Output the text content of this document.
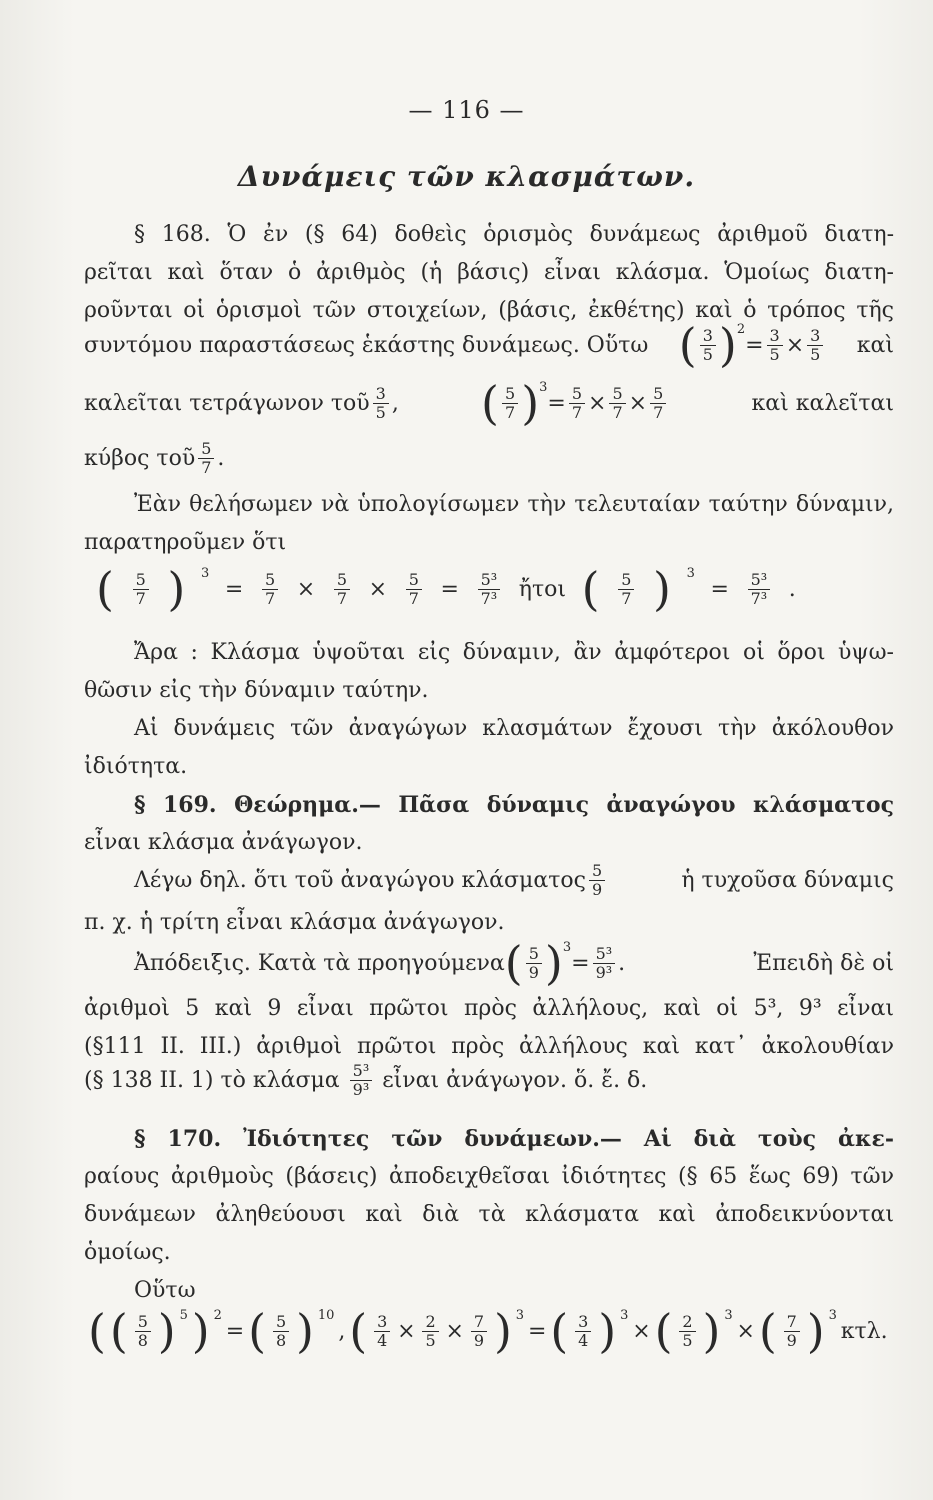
— 116 —
Δυνάμεις τῶν κλασμάτων.
§ 168. Ὁ ἐν (§ 64) δοθεὶς ὁρισμὸς δυνάμεως ἀριθμοῦ διατη-
ρεῖται καὶ ὅταν ὁ ἀριθμὸς (ἡ βάσις) εἶναι κλάσμα. Ὁμοίως διατη-
ροῦνται οἱ ὁρισμοὶ τῶν στοιχείων, (βάσις, ἐκθέτης) καὶ ὁ τρόπος τῆς
συντόμου παραστάσεως ἑκάστης δυνάμεως. Οὕτω ( $\frac{3}{5}$ ) 2
= $\frac{3}{5} \times \frac{3}{5}$ καὶ
καλεῖται τετράγωνον τοῦ $\frac{3}{5}$ , ( $\frac{5}{7}$ ) 3
= $\frac{5}{7} \times \frac{5}{7} \times \frac{5}{7}$	καὶ καλεῖται
κύβος τοῦ $\frac{5}{7}$ .
Ἐὰν θελήσωμεν νὰ ὑπολογίσωμεν τὴν τελευταίαν ταύτην δύναμιν,
παρατηροῦμεν ὅτι
( $\frac{5}{7}$ ) 3
= $\frac{5}{7} \times \frac{5}{7} \times \frac{5}{7} = \frac{\text{5³}}{\text{7³}}$ ἤτοι ( $\frac{5}{7}$ ) 3
= $\frac{\text{5³}}{\text{7³}}$ .
Ἄρα : Κλάσμα ὑψοῦται εἰς δύναμιν, ἂν ἀμφότεροι οἱ ὅροι ὑψω-
θῶσιν εἰς τὴν δύναμιν ταύτην.
Αἱ δυνάμεις τῶν ἀναγώγων κλασμάτων ἔχουσι τὴν ἀκόλουθον
ἰδιότητα.
§ 169. Θεώρημα.— Πᾶσα δύναμις ἀναγώγου κλάσματος
εἶναι κλάσμα ἀνάγωγον.
Λέγω δηλ. ὅτι τοῦ ἀναγώγου κλάσματος $\frac{5}{9}$	ἡ τυχοῦσα δύναμις
π. χ. ἡ τρίτη εἶναι κλάσμα ἀνάγωγον.
Ἀπόδειξις. Κατὰ τὰ προηγούμενα ( $\frac{5}{9}$ ) 3
= $\frac{\text{5³}}{\text{9³}}$ .	Ἐπειδὴ δὲ οἱ
ἀριθμοὶ 5 καὶ 9 εἶναι πρῶτοι πρὸς ἀλλήλους, καὶ οἱ 5³, 9³ εἶναι
(§111 ΙΙ. ΙΙΙ.) ἀριθμοὶ πρῶτοι πρὸς ἀλλήλους καὶ κατ᾿ ἀκολουθίαν
(§ 138 ΙΙ. 1) τὸ κλάσμα $\frac{\text{5³}}{\text{9³}}$ εἶναι ἀνάγωγον. ὅ. ἔ. δ.
§ 170. Ἰδιότητες τῶν δυνάμεων.— Αἱ διὰ τοὺς ἀκε-
ραίους ἀριθμοὺς (βάσεις) ἀποδειχθεῖσαι ἰδιότητες (§ 65 ἕως 69) τῶν
δυνάμεων ἀληθεύουσι καὶ διὰ τὰ κλάσματα καὶ ἀποδεικνύονται
ὁμοίως.
Οὕτω
( ( $\frac{5}{8}$ ) 5 ) 2
= ( $\frac{5}{8}$ ) 10
, ( $\frac{3}{4} \times \frac{2}{5} \times \frac{7}{9}$ ) 3
= ( $\frac{3}{4}$ ) 3
× ( $\frac{2}{5}$ ) 3
× ( $\frac{7}{9}$ ) 3
κτλ.
